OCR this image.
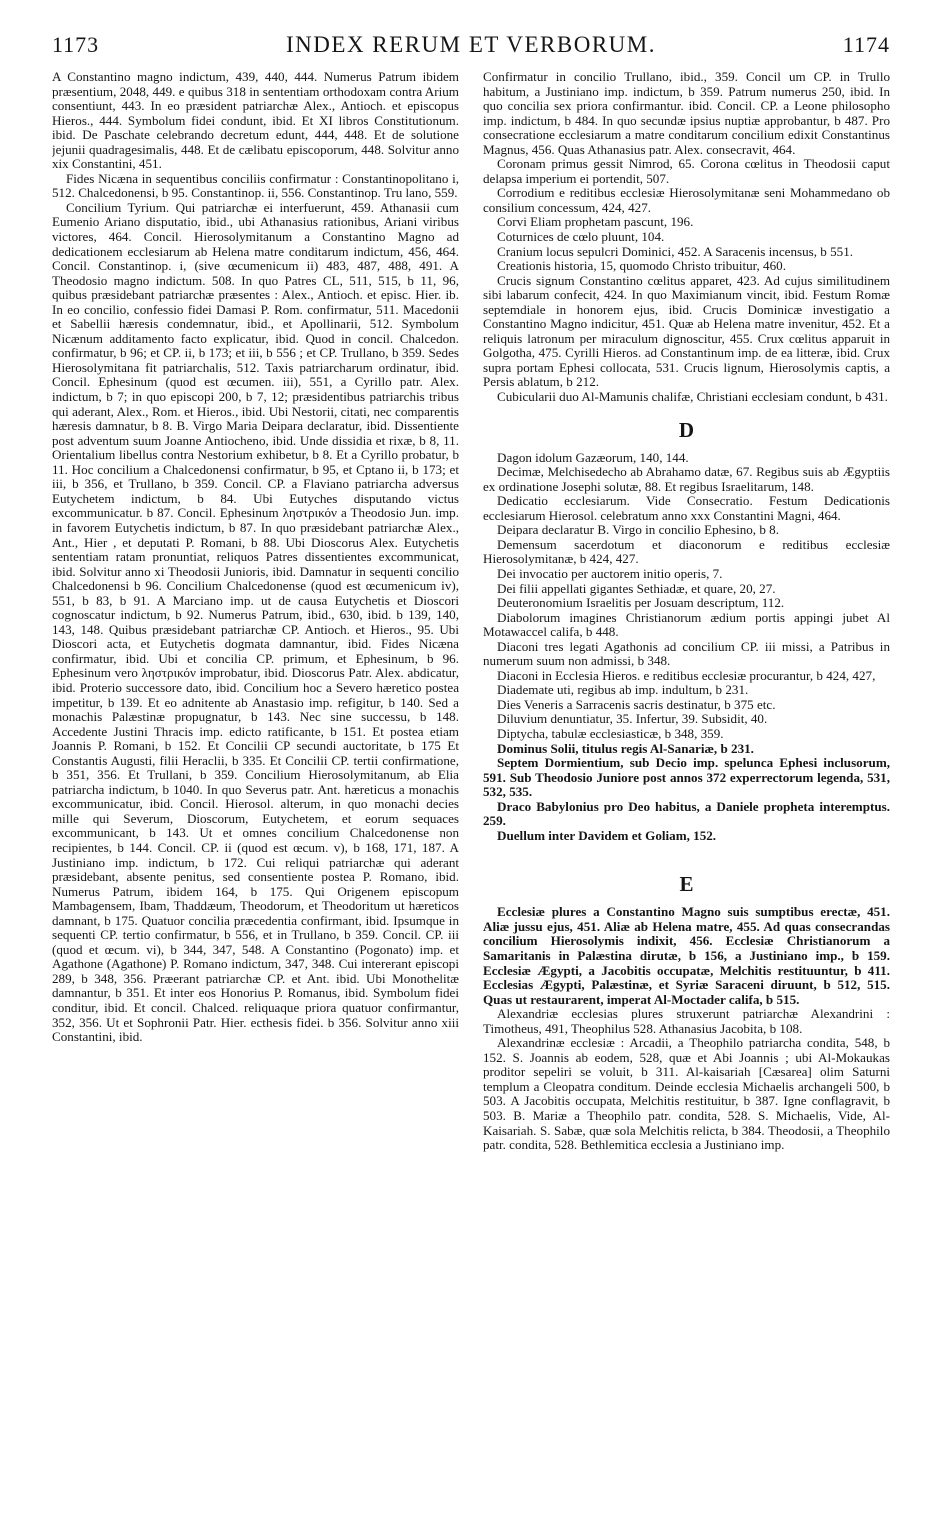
1173	INDEX RERUM ET VERBORUM.	1174

A Constantino magno indictum, 439, 440, 444. Numerus Patrum ibidem præsentium, 2048, 449. e quibus 318 in sententiam orthodoxam contra Arium consentiunt, 443. In eo præsident patriarchæ Alex., Antioch. et episcopus Hieros., 444. Symbolum fidei condunt, ibid. Et XI libros Constitutionum. ibid. De Paschate celebrando decretum edunt, 444, 448. Et de solutione jejunii quadragesimalis, 448. Et de cælibatu episcoporum, 448. Solvitur anno xix Constantini, 451.

Fides Nicæna in sequentibus conciliis confirmatur : Constantinopolitano i, 512. Chalcedonensi, b 95. Constantinop. ii, 556. Constantinop. Tru lano, 559.

Concilium Tyrium. Qui patriarchæ ei interfuerunt, 459. Athanasii cum Eumenio Ariano disputatio, ibid., ubi Athanasius rationibus, Ariani viribus victores, 464. Concil. Hierosolymitanum a Constantino Magno ad dedicationem ecclesiarum ab Helena matre conditarum indictum, 456, 464. Concil. Constantinop. i, (sive œcumenicum ii) 483, 487, 488, 491. A Theodosio magno indictum. 508. In quo Patres CL, 511, 515, b 11, 96, quibus præsidebant patriarchæ præsentes : Alex., Antioch. et episc. Hier. ib. In eo concilio, confessio fidei Damasi P. Rom. confirmatur, 511. Macedonii et Sabellii hæresis condemnatur, ibid., et Apollinarii, 512. Symbolum Nicænum additamento facto explicatur, ibid. Quod in concil. Chalcedon. confirmatur, b 96; et CP. ii, b 173; et iii, b 556 ; et CP. Trullano, b 359. Sedes Hierosolymitana fit patriarchalis, 512. Taxis patriarcharum ordinatur, ibid. Concil. Ephesinum (quod est œcumen. iii), 551, a Cyrillo patr. Alex. indictum, b 7; in quo episcopi 200, b 7, 12; præsidentibus patriarchis tribus qui aderant, Alex., Rom. et Hieros., ibid. Ubi Nestorii, citati, nec comparentis hæresis damnatur, b 8. B. Virgo Maria Deipara declaratur, ibid. Dissentiente post adventum suum Joanne Antiocheno, ibid. Unde dissidia et rixæ, b 8, 11. Orientalium libellus contra Nestorium exhibetur, b 8. Et a Cyrillo probatur, b 11. Hoc concilium a Chalcedonensi confirmatur, b 95, et Cptano ii, b 173; et iii, b 356, et Trullano, b 359. Concil. CP. a Flaviano patriarcha adversus Eutychetem indictum, b 84. Ubi Eutyches disputando victus excommunicatur. b 87. Concil. Ephesinum ληστρικόν a Theodosio Jun. imp. in favorem Eutychetis indictum, b 87. In quo præsidebant patriarchæ Alex., Ant., Hier , et deputati P. Romani, b 88. Ubi Dioscorus Alex. Eutychetis sententiam ratam pronuntiat, reliquos Patres dissentientes excommunicat, ibid. Solvitur anno xi Theodosii Junioris, ibid. Damnatur in sequenti concilio Chalcedonensi b 96. Concilium Chalcedonense (quod est œcumenicum iv), 551, b 83, b 91. A Marciano imp. ut de causa Eutychetis et Dioscori cognoscatur indictum, b 92. Numerus Patrum, ibid., 630, ibid. b 139, 140, 143, 148. Quibus præsidebant patriarchæ CP. Antioch. et Hieros., 95. Ubi Dioscori acta, et Eutychetis dogmata damnantur, ibid. Fides Nicæna confirmatur, ibid. Ubi et concilia CP. primum, et Ephesinum, b 96. Ephesinum vero ληστρικόν improbatur, ibid. Dioscorus Patr. Alex. abdicatur, ibid. Proterio successore dato, ibid. Concilium hoc a Severo hæretico postea impetitur, b 139. Et eo adnitente ab Anastasio imp. refigitur, b 140. Sed a monachis Palæstinæ propugnatur, b 143. Nec sine successu, b 148. Accedente Justini Thracis imp. edicto ratificante, b 151. Et postea etiam Joannis P. Romani, b 152. Et Concilii CP secundi auctoritate, b 175 Et Constantis Augusti, filii Heraclii, b 335. Et Concilii CP. tertii confirmatione, b 351, 356. Et Trullani, b 359. Concilium Hierosolymitanum, ab Elia patriarcha indictum, b 1040. In quo Severus patr. Ant. hæreticus a monachis excommunicatur, ibid. Concil. Hierosol. alterum, in quo monachi decies mille qui Severum, Dioscorum, Eutychetem, et eorum sequaces excommunicant, b 143. Ut et omnes concilium Chalcedonense non recipientes, b 144. Concil. CP. ii (quod est œcum. v), b 168, 171, 187. A Justiniano imp. indictum, b 172. Cui reliqui patriarchæ qui aderant præsidebant, absente penitus, sed consentiente postea P. Romano, ibid. Numerus Patrum, ibidem 164, b 175. Qui Origenem episcopum Mambagensem, Ibam, Thaddæum, Theodorum, et Theodoritum ut hæreticos damnant, b 175. Quatuor concilia præcedentia confirmant, ibid. Ipsumque in sequenti CP. tertio confirmatur, b 556, et in Trullano, b 359. Concil. CP. iii (quod et œcum. vi), b 344, 347, 548. A Constantino (Pogonato) imp. et Agathone (Agathone) P. Romano indictum, 347, 348. Cui intererant episcopi 289, b 348, 356. Præerant patriarchæ CP. et Ant. ibid. Ubi Monothelitæ damnantur, b 351. Et inter eos Honorius P. Romanus, ibid. Symbolum fidei conditur, ibid. Et concil. Chalced. reliquaque priora quatuor confirmantur, 352, 356. Ut et Sophronii Patr. Hier. ecthesis fidei. b 356. Solvitur anno xiii Constantini, ibid.

Confirmatur in concilio Trullano, ibid., 359. Concil um CP. in Trullo habitum, a Justiniano imp. indictum, b 359. Patrum numerus 250, ibid. In quo concilia sex priora confirmantur. ibid. Concil. CP. a Leone philosopho imp. indictum, b 484. In quo secundæ ipsius nuptiæ approbantur, b 487. Pro consecratione ecclesiarum a matre conditarum concilium edixit Constantinus Magnus, 456. Quas Athanasius patr. Alex. consecravit, 464.

Coronam primus gessit Nimrod, 65. Corona cœlitus in Theodosii caput delapsa imperium ei portendit, 507.

Corrodium e reditibus ecclesiæ Hierosolymitanæ seni Mohammedano ob consilium concessum, 424, 427.

Corvi Eliam prophetam pascunt, 196.

Coturnices de cœlo pluunt, 104.

Cranium locus sepulcri Dominici, 452. A Saracenis incensus, b 551.

Creationis historia, 15, quomodo Christo tribuitur, 460.

Crucis signum Constantino cœlitus apparet, 423. Ad cujus similitudinem sibi labarum confecit, 424. In quo Maximianum vincit, ibid. Festum Romæ septemdiale in honorem ejus, ibid. Crucis Dominicæ investigatio a Constantino Magno indicitur, 451. Quæ ab Helena matre invenitur, 452. Et a reliquis latronum per miraculum dignoscitur, 455. Crux cœlitus apparuit in Golgotha, 475. Cyrilli Hieros. ad Constantinum imp. de ea litteræ, ibid. Crux supra portam Ephesi collocata, 531. Crucis lignum, Hierosolymis captis, a Persis ablatum, b 212.

Cubicularii duo Al-Mamunis chalifæ, Christiani ecclesiam condunt, b 431.

D

Dagon idolum Gazæorum, 140, 144.

Decimæ, Melchisedecho ab Abrahamo datæ, 67. Regibus suis ab Ægyptiis ex ordinatione Josephi solutæ, 88. Et regibus Israelitarum, 148.

Dedicatio ecclesiarum. Vide Consecratio. Festum Dedicationis ecclesiarum Hierosol. celebratum anno xxx Constantini Magni, 464.

Deipara declaratur B. Virgo in concilio Ephesino, b 8.

Demensum sacerdotum et diaconorum e reditibus ecclesiæ Hierosolymitanæ, b 424, 427.

Dei invocatio per auctorem initio operis, 7.

Dei filii appellati gigantes Sethiadæ, et quare, 20, 27.

Deuteronomium Israelitis per Josuam descriptum, 112.

Diabolorum imagines Christianorum ædium portis appingi jubet Al Motawaccel califa, b 448.

Diaconi tres legati Agathonis ad concilium CP. iii missi, a Patribus in numerum suum non admissi, b 348.

Diaconi in Ecclesia Hieros. e reditibus ecclesiæ procurantur, b 424, 427,

Diademate uti, regibus ab imp. indultum, b 231.

Dies Veneris a Sarracenis sacris destinatur, b 375 etc.

Diluvium denuntiatur, 35. Infertur, 39. Subsidit, 40.

Diptycha, tabulæ ecclesiasticæ, b 348, 359.

Dominus Solii, titulus regis Al-Sanariæ, b 231.

Septem Dormientium, sub Decio imp. spelunca Ephesi inclusorum, 591. Sub Theodosio Juniore post annos 372 experrectorum legenda, 531, 532, 535.

Draco Babylonius pro Deo habitus, a Daniele propheta interemptus. 259.

Duellum inter Davidem et Goliam, 152.

E

Ecclesiæ plures a Constantino Magno suis sumptibus erectæ, 451. Aliæ jussu ejus, 451. Aliæ ab Helena matre, 455. Ad quas consecrandas concilium Hierosolymis indixit, 456. Ecclesiæ Christianorum a Samaritanis in Palæstina dirutæ, b 156, a Justiniano imp., b 159. Ecclesiæ Ægypti, a Jacobitis occupatæ, Melchitis restituuntur, b 411. Ecclesias Ægypti, Palæstinæ, et Syriæ Saraceni diruunt, b 512, 515. Quas ut restaurarent, imperat Al-Moctader califa, b 515.

Alexandriæ ecclesias plures struxerunt patriarchæ Alexandrini : Timotheus, 491, Theophilus 528. Athanasius Jacobita, b 108.

Alexandrinæ ecclesiæ : Arcadii, a Theophilo patriarcha condita, 548, b 152. S. Joannis ab eodem, 528, quæ et Abi Joannis ; ubi Al-Mokaukas proditor sepeliri se voluit, b 311. Al-kaisariah [Cæsarea] olim Saturni templum a Cleopatra conditum. Deinde ecclesia Michaelis archangeli 500, b 503. A Jacobitis occupata, Melchitis restituitur, b 387. Igne conflagravit, b 503. B. Mariæ a Theophilo patr. condita, 528. S. Michaelis, Vide, Al-Kaisariah. S. Sabæ, quæ sola Melchitis relicta, b 384. Theodosii, a Theophilo patr. condita, 528. Bethlemitica ecclesia a Justiniano imp.
